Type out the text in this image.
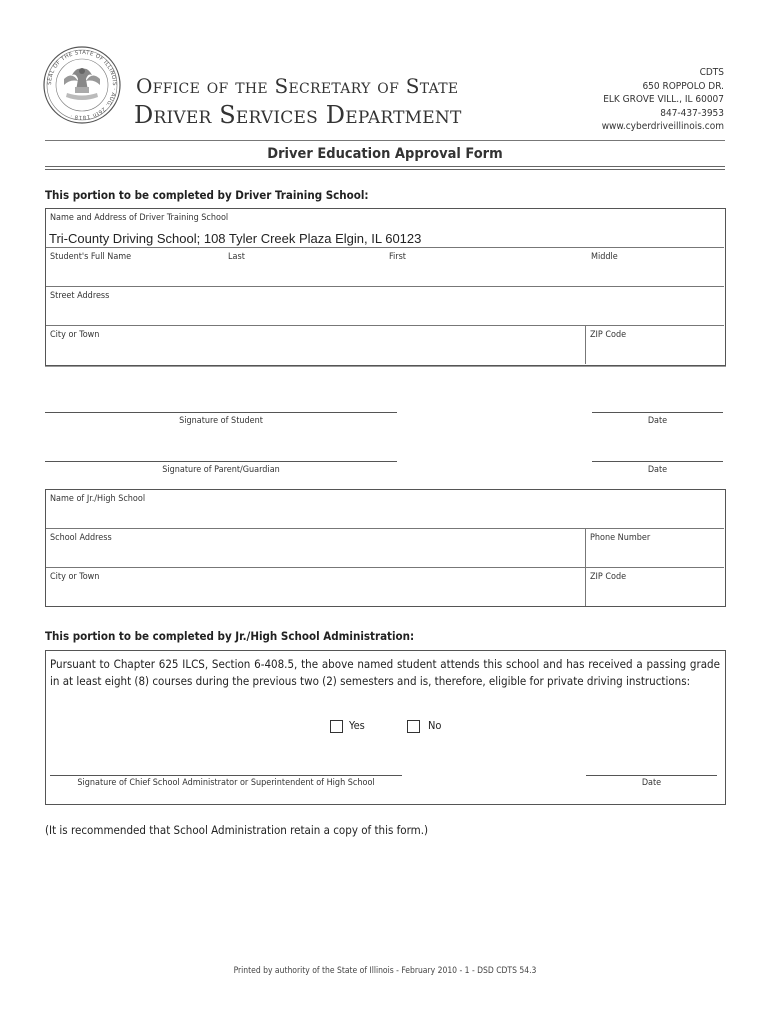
SEAL OF THE STATE OF ILLINOIS · AUG. 26th 1818 ·
Office of the Secretary of State
Driver Services Department
CDTS
650 ROPPOLO DR.
ELK GROVE VILL., IL 60007
847-437-3953
www.cyberdriveillinois.com
Driver Education Approval Form
This portion to be completed by Driver Training School:
Name and Address of Driver Training School
Tri-County Driving School; 108 Tyler Creek Plaza Elgin, IL 60123
Student's Full Name	Last	First	Middle
Street Address
City or Town	ZIP Code
Signature of Student	Date
Signature of Parent/Guardian	Date
Name of Jr./High School
School Address	Phone Number
City or Town	ZIP Code
This portion to be completed by Jr./High School Administration:
Pursuant to Chapter 625 ILCS, Section 6-408.5, the above named student attends this school and has received a passing grade in at least eight (8) courses during the previous two (2) semesters and is, therefore, eligible for private driving instructions:
Yes	No
Signature of Chief School Administrator or Superintendent of High School	Date
(It is recommended that School Administration retain a copy of this form.)
Printed by authority of the State of Illinois - February 2010 - 1 - DSD CDTS 54.3
